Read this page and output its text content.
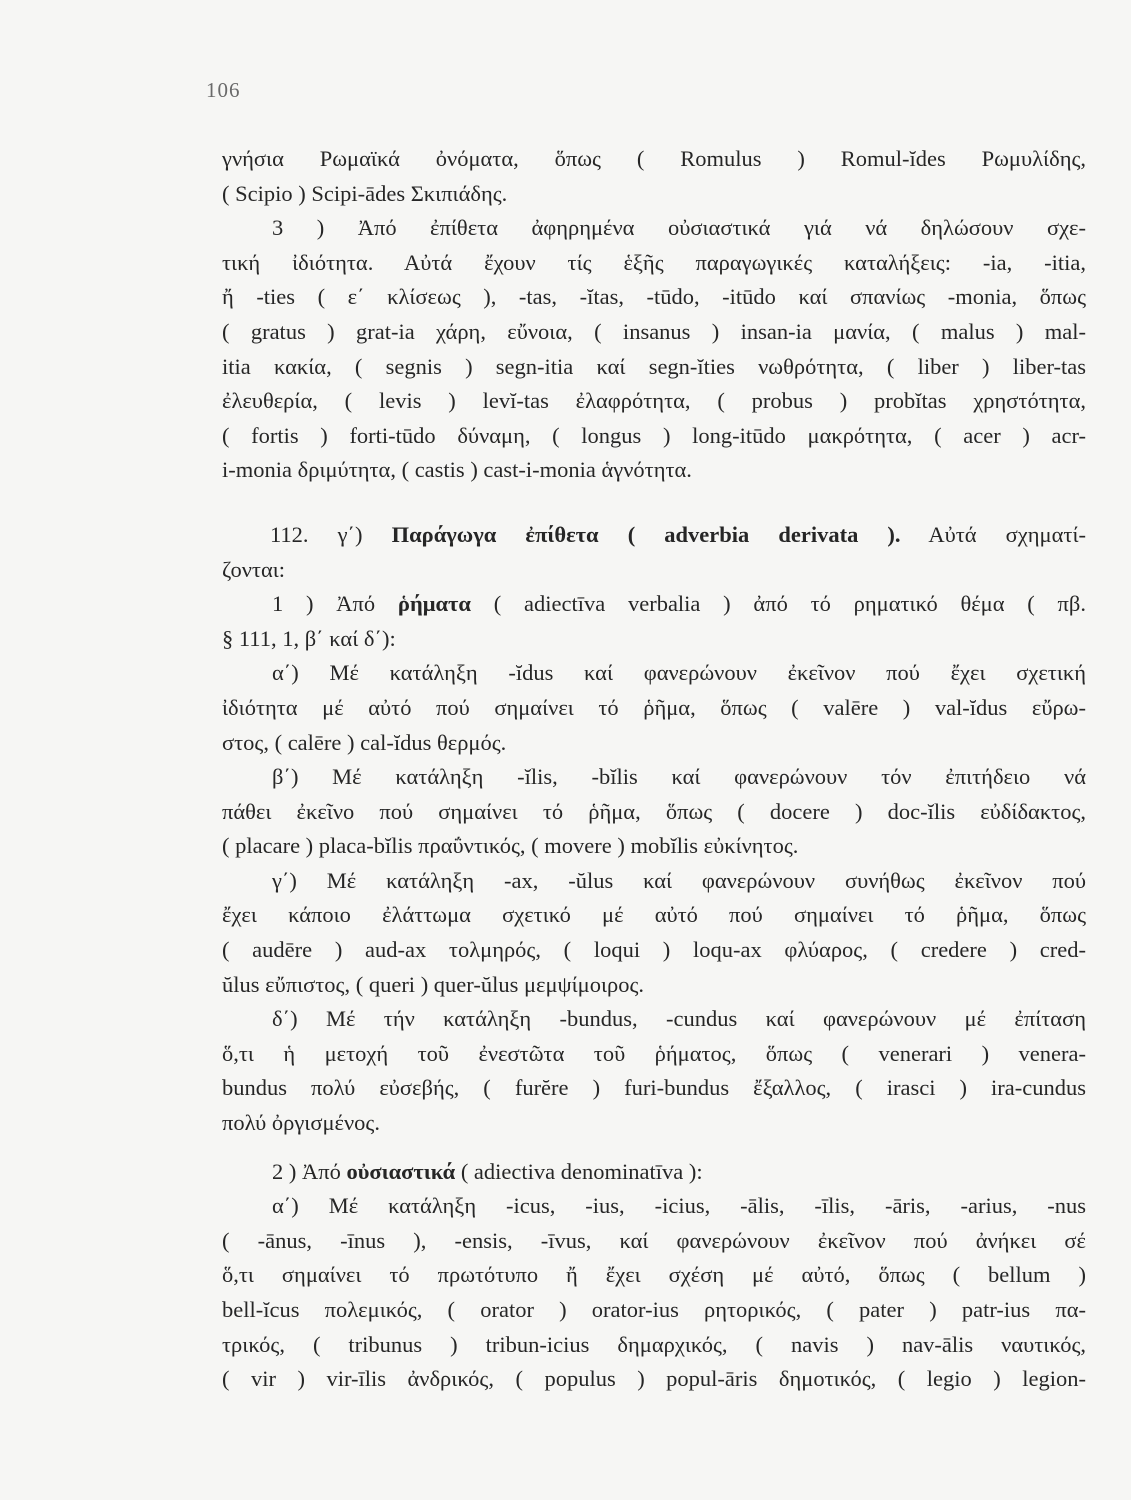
106
γνήσια Ρωμαϊκά ὀνόματα, ὅπως ( Romulus ) Romul-ĭdes Ρωμυλίδης,
( Scipio ) Scipi-ādes Σκιπιάδης.
3 ) Ἀπό ἐπίθετα ἀφηρημένα οὐσιαστικά γιά νά δηλώσουν σχε-
τική ἰδιότητα. Αὐτά ἔχουν τίς ἑξῆς παραγωγικές καταλήξεις: -ia, -itia,
ἤ -ties ( ε΄ κλίσεως ), -tas, -ĭtas, -tūdo, -itūdo καί σπανίως -monia, ὅπως
( gratus ) grat-ia χάρη, εὔνοια, ( insanus ) insan-ia μανία, ( malus ) mal-
itia κακία, ( segnis ) segn-itia καί segn-ĭties νωθρότητα, ( liber ) liber-tas
ἐλευθερία, ( levis ) levĭ-tas ἐλαφρότητα, ( probus ) probĭtas χρηστότητα,
( fortis ) forti-tūdo δύναμη, ( longus ) long-itūdo μακρότητα, ( acer ) acr-
i-monia δριμύτητα, ( castis ) cast-i-monia ἁγνότητα.
112. γ΄) Παράγωγα ἐπίθετα ( adverbia derivata ). Αὐτά σχηματί-
ζονται:
1 ) Ἀπό ῥήματα ( adiectīva verbalia ) ἀπό τό ρηματικό θέμα ( πβ.
§ 111, 1, β΄ καί δ΄):
α΄) Μέ κατάληξη -ĭdus καί φανερώνουν ἐκεῖνον πού ἔχει σχετική
ἰδιότητα μέ αὐτό πού σημαίνει τό ῥῆμα, ὅπως ( valēre ) val-ĭdus εὔρω-
στος, ( calēre ) cal-ĭdus θερμός.
β΄) Μέ κατάληξη -ĭlis, -bĭlis καί φανερώνουν τόν ἐπιτήδειο νά
πάθει ἐκεῖνο πού σημαίνει τό ῥῆμα, ὅπως ( docere ) doc-ĭlis εὐδίδακτος,
( placare ) placa-bĭlis πραΰντικός, ( movere ) mobĭlis εὐκίνητος.
γ΄) Μέ κατάληξη -ax, -ŭlus καί φανερώνουν συνήθως ἐκεῖνον πού
ἔχει κάποιο ἐλάττωμα σχετικό μέ αὐτό πού σημαίνει τό ῥῆμα, ὅπως
( audēre ) aud-ax τολμηρός, ( loqui ) loqu-ax φλύαρος, ( credere ) cred-
ŭlus εὔπιστος, ( queri ) quer-ŭlus μεμψίμοιρος.
δ΄) Μέ τήν κατάληξη -bundus, -cundus καί φανερώνουν μέ ἐπίταση
ὅ,τι ἡ μετοχή τοῦ ἐνεστῶτα τοῦ ῥήματος, ὅπως ( venerari ) venera-
bundus πολύ εὐσεβής, ( furĕre ) furi-bundus ἔξαλλος, ( irasci ) ira-cundus
πολύ ὀργισμένος.
2 ) Ἀπό οὐσιαστικά ( adiectiva denominatīva ):
α΄) Μέ κατάληξη -icus, -ius, -icius, -ālis, -īlis, -āris, -arius, -nus
( -ānus, -īnus ), -ensis, -īvus, καί φανερώνουν ἐκεῖνον πού ἀνήκει σέ
ὅ,τι σημαίνει τό πρωτότυπο ἤ ἔχει σχέση μέ αὐτό, ὅπως ( bellum )
bell-ĭcus πολεμικός, ( orator ) orator-ius ρητορικός, ( pater ) patr-ius πα-
τρικός, ( tribunus ) tribun-icius δημαρχικός, ( navis ) nav-ālis ναυτικός,
( vir ) vir-īlis ἀνδρικός, ( populus ) popul-āris δημοτικός, ( legio ) legion-
